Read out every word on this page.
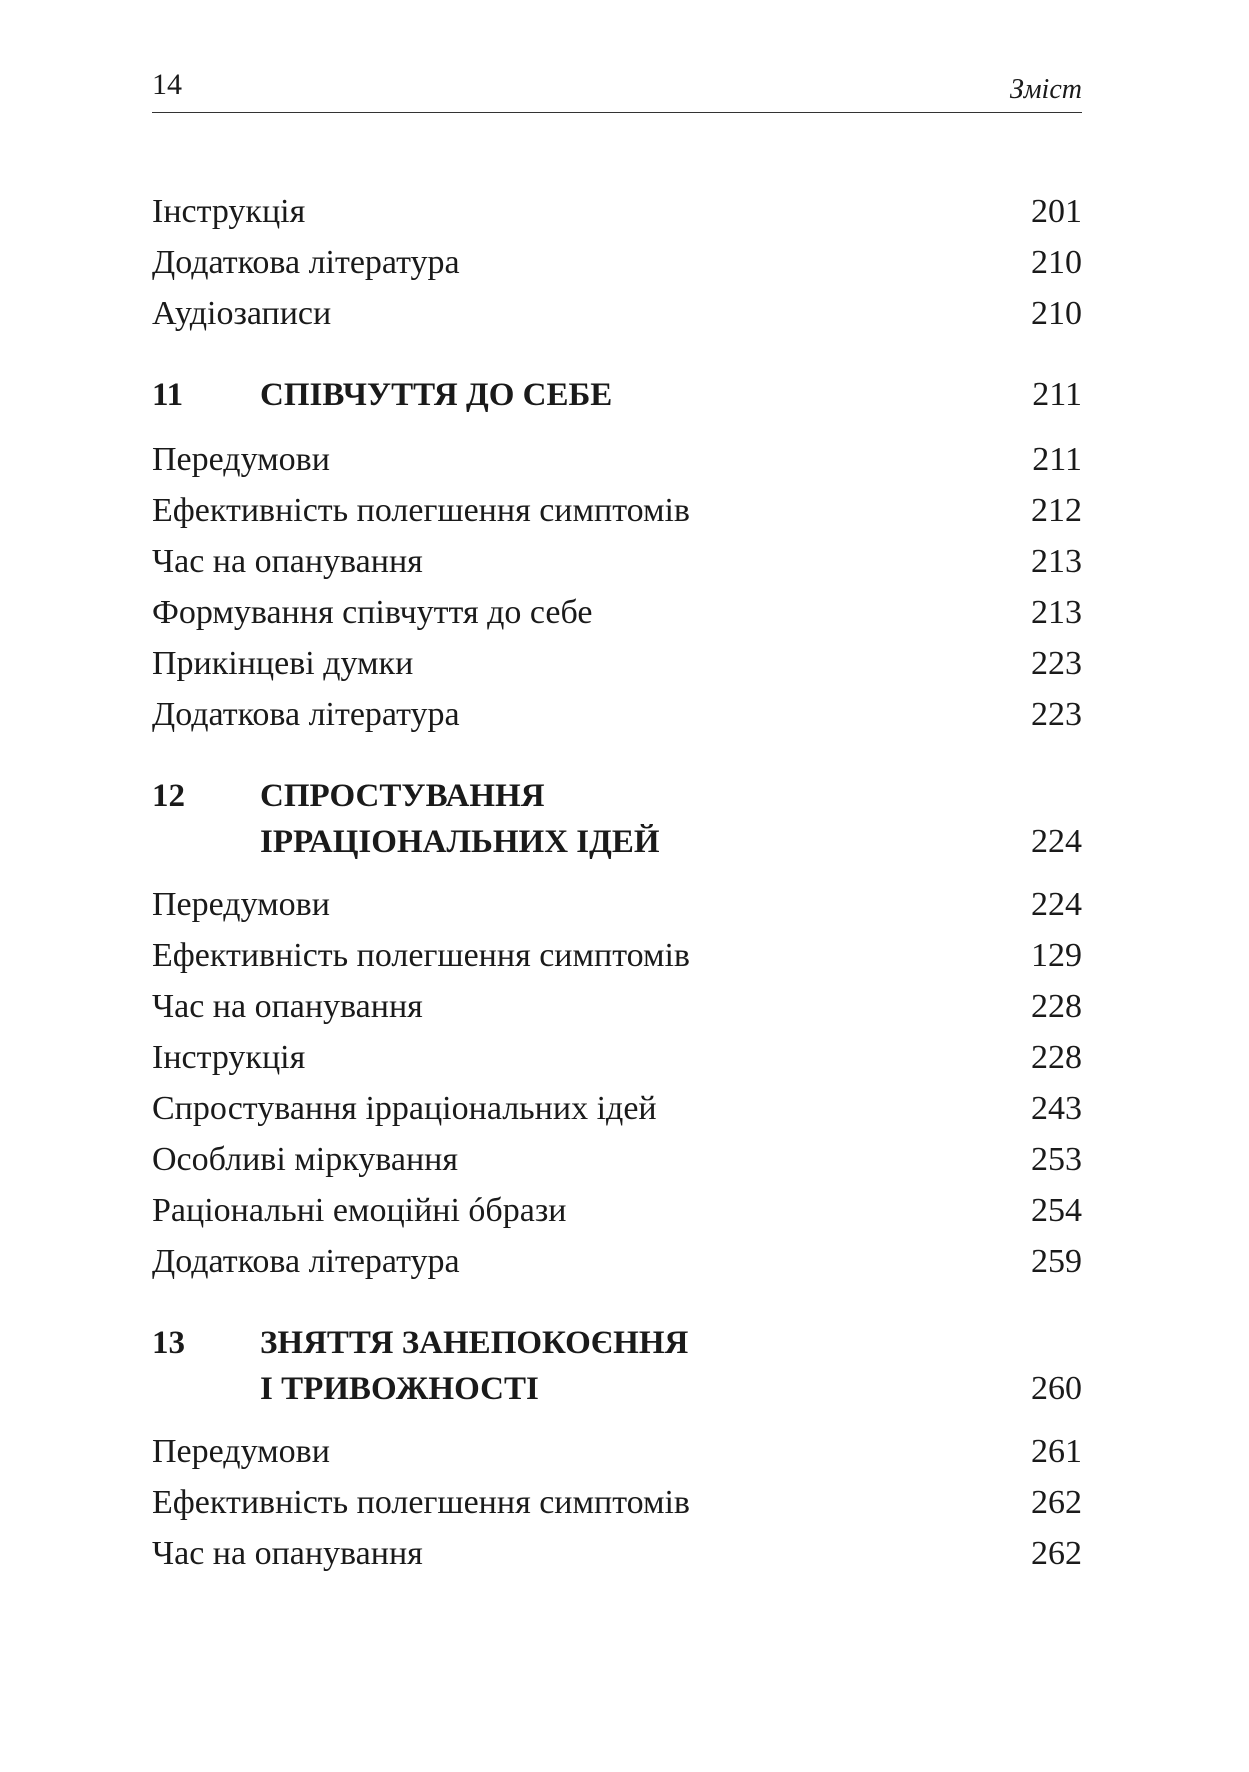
14	Зміст
Інструкція	201
Додаткова література	210
Аудіозаписи	210
11 СПІВЧУТТЯ ДО СЕБЕ	211
Передумови	211
Ефективність полегшення симптомів	212
Час на опанування	213
Формування співчуття до себе	213
Прикінцеві думки	223
Додаткова література	223
12 СПРОСТУВАННЯ
ІРРАЦІОНАЛЬНИХ ІДЕЙ	224
Передумови	224
Ефективність полегшення симптомів	129
Час на опанування	228
Інструкція	228
Спростування ірраціональних ідей	243
Особливі міркування	253
Раціональні емоційні óбрази	254
Додаткова література	259
13 ЗНЯТТЯ ЗАНЕПОКОЄННЯ
І ТРИВОЖНОСТІ	260
Передумови	261
Ефективність полегшення симптомів	262
Час на опанування	262
